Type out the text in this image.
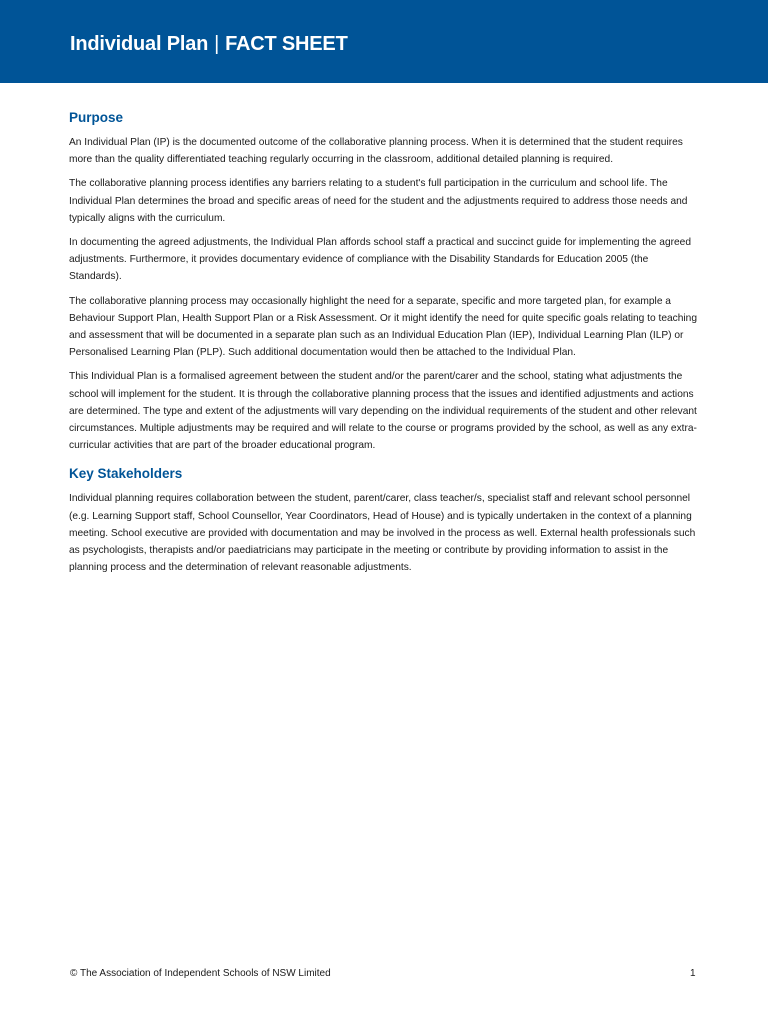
Individual Plan | FACT SHEET
Purpose

An Individual Plan (IP) is the documented outcome of the collaborative planning process. When it is determined that the student requires more than the quality differentiated teaching regularly occurring in the classroom, additional detailed planning is required.

The collaborative planning process identifies any barriers relating to a student's full participation in the curriculum and school life. The Individual Plan determines the broad and specific areas of need for the student and the adjustments required to address those needs and typically aligns with the curriculum.

In documenting the agreed adjustments, the Individual Plan affords school staff a practical and succinct guide for implementing the agreed adjustments. Furthermore, it provides documentary evidence of compliance with the Disability Standards for Education 2005 (the Standards).

The collaborative planning process may occasionally highlight the need for a separate, specific and more targeted plan, for example a Behaviour Support Plan, Health Support Plan or a Risk Assessment. Or it might identify the need for quite specific goals relating to teaching and assessment that will be documented in a separate plan such as an Individual Education Plan (IEP), Individual Learning Plan (ILP) or Personalised Learning Plan (PLP). Such additional documentation would then be attached to the Individual Plan.

This Individual Plan is a formalised agreement between the student and/or the parent/carer and the school, stating what adjustments the school will implement for the student. It is through the collaborative planning process that the issues and identified adjustments and actions are determined. The type and extent of the adjustments will vary depending on the individual requirements of the student and other relevant circumstances. Multiple adjustments may be required and will relate to the course or programs provided by the school, as well as any extra-curricular activities that are part of the broader educational program.

Key Stakeholders

Individual planning requires collaboration between the student, parent/carer, class teacher/s, specialist staff and relevant school personnel (e.g. Learning Support staff, School Counsellor, Year Coordinators, Head of House) and is typically undertaken in the context of a planning meeting. School executive are provided with documentation and may be involved in the process as well. External health professionals such as psychologists, therapists and/or paediatricians may participate in the meeting or contribute by providing information to assist in the planning process and the determination of relevant reasonable adjustments.

© The Association of Independent Schools of NSW Limited	1
